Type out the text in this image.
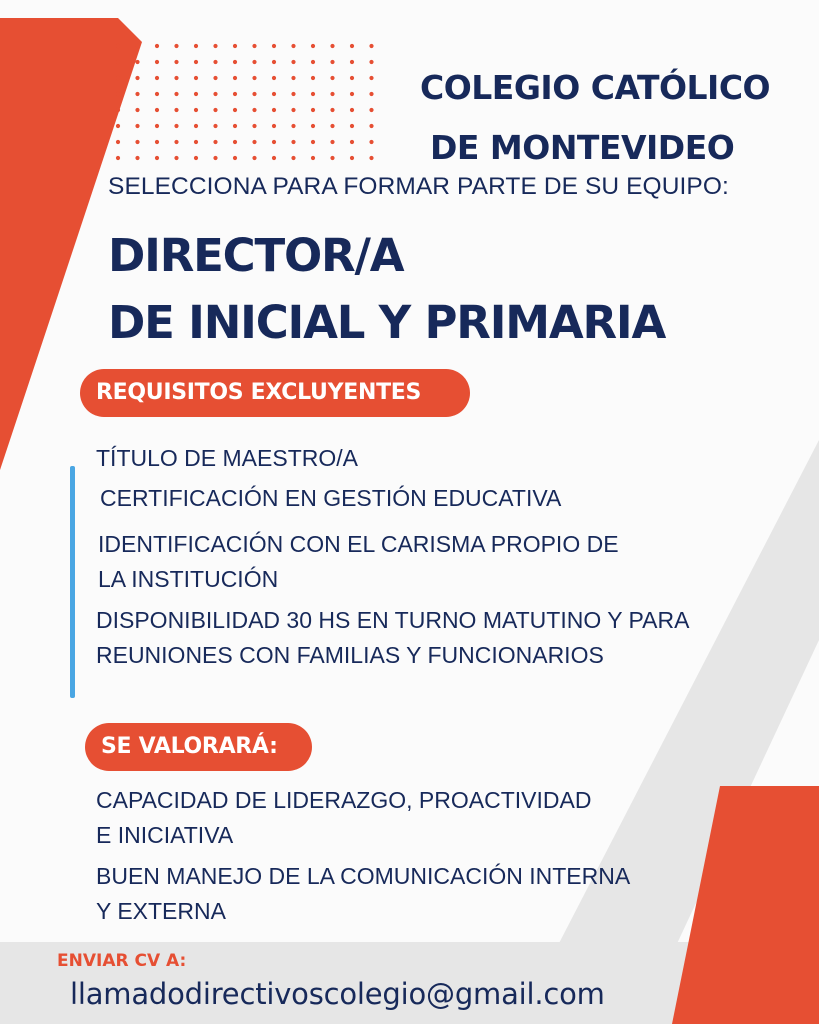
COLEGIO CATÓLICO
DE MONTEVIDEO

SELECCIONA PARA FORMAR PARTE DE SU EQUIPO:

DIRECTOR/A
DE INICIAL Y PRIMARIA
REQUISITOS EXCLUYENTES
TÍTULO DE MAESTRO/A
CERTIFICACIÓN EN GESTIÓN EDUCATIVA
IDENTIFICACIÓN CON EL CARISMA PROPIO DE
LA INSTITUCIÓN
DISPONIBILIDAD 30 HS EN TURNO MATUTINO Y PARA
REUNIONES CON FAMILIAS Y FUNCIONARIOS
SE VALORARÁ:
CAPACIDAD DE LIDERAZGO, PROACTIVIDAD
E INICIATIVA
BUEN MANEJO DE LA COMUNICACIÓN INTERNA
Y EXTERNA
ENVIAR CV A:
llamadodirectivoscolegio@gmail.com
